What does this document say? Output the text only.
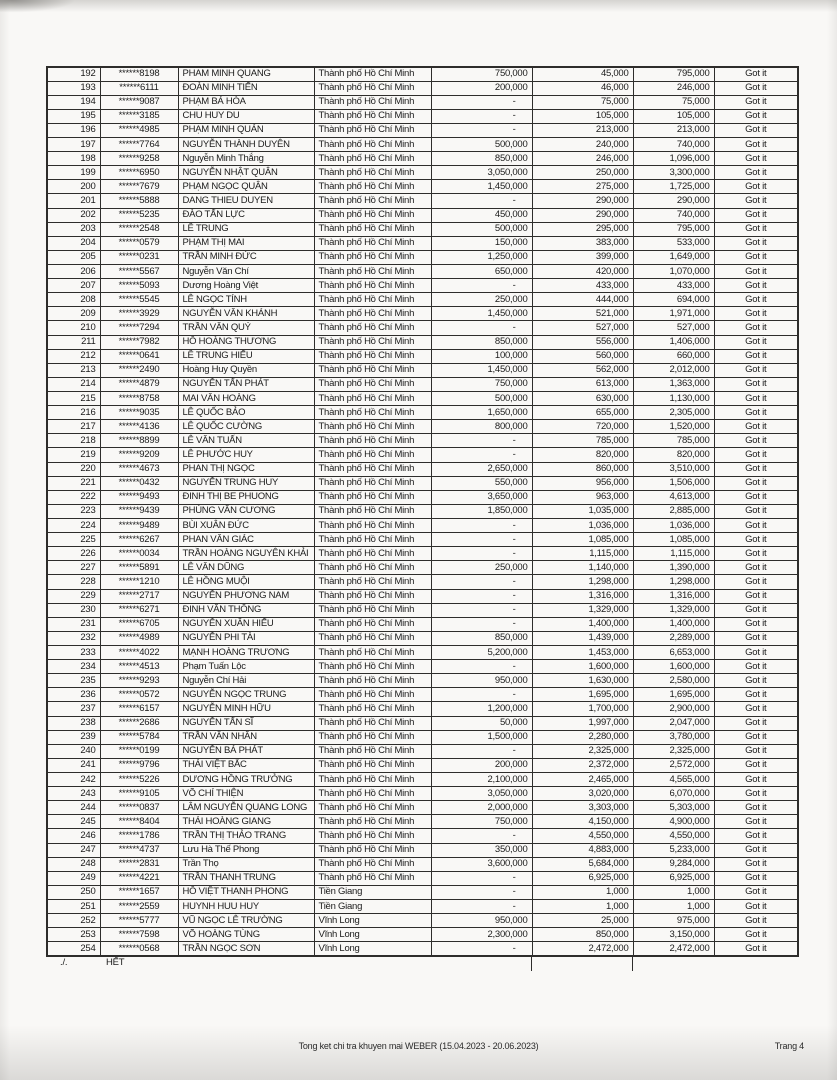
192	******8198	PHAM MINH QUANG	Thành phố Hồ Chí Minh	750,000	45,000	795,000	Got it
193	******6111	ĐOÀN MINH TIẾN	Thành phố Hồ Chí Minh	200,000	46,000	246,000	Got it
194	******9087	PHẠM BÁ HÓA	Thành phố Hồ Chí Minh	-	75,000	75,000	Got it
195	******3185	CHU HUY DU	Thành phố Hồ Chí Minh	-	105,000	105,000	Got it
196	******4985	PHẠM MINH QUÁN	Thành phố Hồ Chí Minh	-	213,000	213,000	Got it
197	******7764	NGUYỄN THÀNH DUYÊN	Thành phố Hồ Chí Minh	500,000	240,000	740,000	Got it
198	******9258	Nguyễn Minh Thắng	Thành phố Hồ Chí Minh	850,000	246,000	1,096,000	Got it
199	******6950	NGUYỄN NHẬT QUÂN	Thành phố Hồ Chí Minh	3,050,000	250,000	3,300,000	Got it
200	******7679	PHẠM NGỌC QUÂN	Thành phố Hồ Chí Minh	1,450,000	275,000	1,725,000	Got it
201	******5888	DANG THIEU DUYEN	Thành phố Hồ Chí Minh	-	290,000	290,000	Got it
202	******5235	ĐÀO TẤN LỰC	Thành phố Hồ Chí Minh	450,000	290,000	740,000	Got it
203	******2548	LÊ TRUNG	Thành phố Hồ Chí Minh	500,000	295,000	795,000	Got it
204	******0579	PHẠM THỊ MAI	Thành phố Hồ Chí Minh	150,000	383,000	533,000	Got it
205	******0231	TRẦN MINH ĐỨC	Thành phố Hồ Chí Minh	1,250,000	399,000	1,649,000	Got it
206	******5567	Nguyễn Văn Chí	Thành phố Hồ Chí Minh	650,000	420,000	1,070,000	Got it
207	******5093	Dương Hoàng Việt	Thành phố Hồ Chí Minh	-	433,000	433,000	Got it
208	******5545	LÊ NGỌC TÍNH	Thành phố Hồ Chí Minh	250,000	444,000	694,000	Got it
209	******3929	NGUYỄN VĂN KHÁNH	Thành phố Hồ Chí Minh	1,450,000	521,000	1,971,000	Got it
210	******7294	TRẦN VĂN QUÝ	Thành phố Hồ Chí Minh	-	527,000	527,000	Got it
211	******7982	HỒ HOÀNG THƯƠNG	Thành phố Hồ Chí Minh	850,000	556,000	1,406,000	Got it
212	******0641	LÊ TRUNG HIẾU	Thành phố Hồ Chí Minh	100,000	560,000	660,000	Got it
213	******2490	Hoàng Huy Quyền	Thành phố Hồ Chí Minh	1,450,000	562,000	2,012,000	Got it
214	******4879	NGUYỄN TẤN PHÁT	Thành phố Hồ Chí Minh	750,000	613,000	1,363,000	Got it
215	******8758	MAI VĂN HOÀNG	Thành phố Hồ Chí Minh	500,000	630,000	1,130,000	Got it
216	******9035	LÊ QUỐC BẢO	Thành phố Hồ Chí Minh	1,650,000	655,000	2,305,000	Got it
217	******4136	LÊ QUỐC CƯỜNG	Thành phố Hồ Chí Minh	800,000	720,000	1,520,000	Got it
218	******8899	LÊ VĂN TUẤN	Thành phố Hồ Chí Minh	-	785,000	785,000	Got it
219	******9209	LÊ PHƯỚC HUY	Thành phố Hồ Chí Minh	-	820,000	820,000	Got it
220	******4673	PHAN THỊ NGỌC	Thành phố Hồ Chí Minh	2,650,000	860,000	3,510,000	Got it
221	******0432	NGUYỄN TRUNG HUY	Thành phố Hồ Chí Minh	550,000	956,000	1,506,000	Got it
222	******9493	ĐINH THỊ BE PHUONG	Thành phố Hồ Chí Minh	3,650,000	963,000	4,613,000	Got it
223	******9439	PHÙNG VĂN CƯƠNG	Thành phố Hồ Chí Minh	1,850,000	1,035,000	2,885,000	Got it
224	******9489	BÙI XUÂN ĐỨC	Thành phố Hồ Chí Minh	-	1,036,000	1,036,000	Got it
225	******6267	PHAN VĂN GIÁC	Thành phố Hồ Chí Minh	-	1,085,000	1,085,000	Got it
226	******0034	TRẦN HOÀNG NGUYÊN KHẢI	Thành phố Hồ Chí Minh	-	1,115,000	1,115,000	Got it
227	******5891	LÊ VĂN DŨNG	Thành phố Hồ Chí Minh	250,000	1,140,000	1,390,000	Got it
228	******1210	LÊ HỒNG MUỘI	Thành phố Hồ Chí Minh	-	1,298,000	1,298,000	Got it
229	******2717	NGUYỄN PHƯƠNG NAM	Thành phố Hồ Chí Minh	-	1,316,000	1,316,000	Got it
230	******6271	ĐINH VĂN THÔNG	Thành phố Hồ Chí Minh	-	1,329,000	1,329,000	Got it
231	******6705	NGUYỄN XUÂN HIẾU	Thành phố Hồ Chí Minh	-	1,400,000	1,400,000	Got it
232	******4989	NGUYỄN PHI TÀI	Thành phố Hồ Chí Minh	850,000	1,439,000	2,289,000	Got it
233	******4022	MẠNH HOÀNG TRƯƠNG	Thành phố Hồ Chí Minh	5,200,000	1,453,000	6,653,000	Got it
234	******4513	Phạm Tuấn Lộc	Thành phố Hồ Chí Minh	-	1,600,000	1,600,000	Got it
235	******9293	Nguyễn Chí Hải	Thành phố Hồ Chí Minh	950,000	1,630,000	2,580,000	Got it
236	******0572	NGUYỄN NGỌC TRUNG	Thành phố Hồ Chí Minh	-	1,695,000	1,695,000	Got it
237	******6157	NGUYỄN MINH HỮU	Thành phố Hồ Chí Minh	1,200,000	1,700,000	2,900,000	Got it
238	******2686	NGUYỄN TẤN SĨ	Thành phố Hồ Chí Minh	50,000	1,997,000	2,047,000	Got it
239	******5784	TRẦN VĂN NHÂN	Thành phố Hồ Chí Minh	1,500,000	2,280,000	3,780,000	Got it
240	******0199	NGUYỄN BÁ PHÁT	Thành phố Hồ Chí Minh	-	2,325,000	2,325,000	Got it
241	******9796	THÁI VIỆT BẮC	Thành phố Hồ Chí Minh	200,000	2,372,000	2,572,000	Got it
242	******5226	DƯƠNG HỒNG TRƯỞNG	Thành phố Hồ Chí Minh	2,100,000	2,465,000	4,565,000	Got it
243	******9105	VÕ CHÍ THIỆN	Thành phố Hồ Chí Minh	3,050,000	3,020,000	6,070,000	Got it
244	******0837	LÂM NGUYỄN QUANG LONG	Thành phố Hồ Chí Minh	2,000,000	3,303,000	5,303,000	Got it
245	******8404	THÁI HOÀNG GIANG	Thành phố Hồ Chí Minh	750,000	4,150,000	4,900,000	Got it
246	******1786	TRẦN THỊ THẢO TRANG	Thành phố Hồ Chí Minh	-	4,550,000	4,550,000	Got it
247	******4737	Lưu Hà Thế Phong	Thành phố Hồ Chí Minh	350,000	4,883,000	5,233,000	Got it
248	******2831	Trần Thọ	Thành phố Hồ Chí Minh	3,600,000	5,684,000	9,284,000	Got it
249	******4221	TRẦN THANH TRUNG	Thành phố Hồ Chí Minh	-	6,925,000	6,925,000	Got it
250	******1657	HỒ VIỆT THANH PHONG	Tiền Giang	-	1,000	1,000	Got it
251	******2559	HUYNH HUU HUY	Tiền Giang	-	1,000	1,000	Got it
252	******5777	VŨ NGỌC LÊ TRƯỜNG	Vĩnh Long	950,000	25,000	975,000	Got it
253	******7598	VÕ HOÀNG TÙNG	Vĩnh Long	2,300,000	850,000	3,150,000	Got it
254	******0568	TRẦN NGỌC SƠN	Vĩnh Long	-	2,472,000	2,472,000	Got it
./.	HẾT
Tong ket chi tra khuyen mai WEBER (15.04.2023 - 20.06.2023)	Trang 4
